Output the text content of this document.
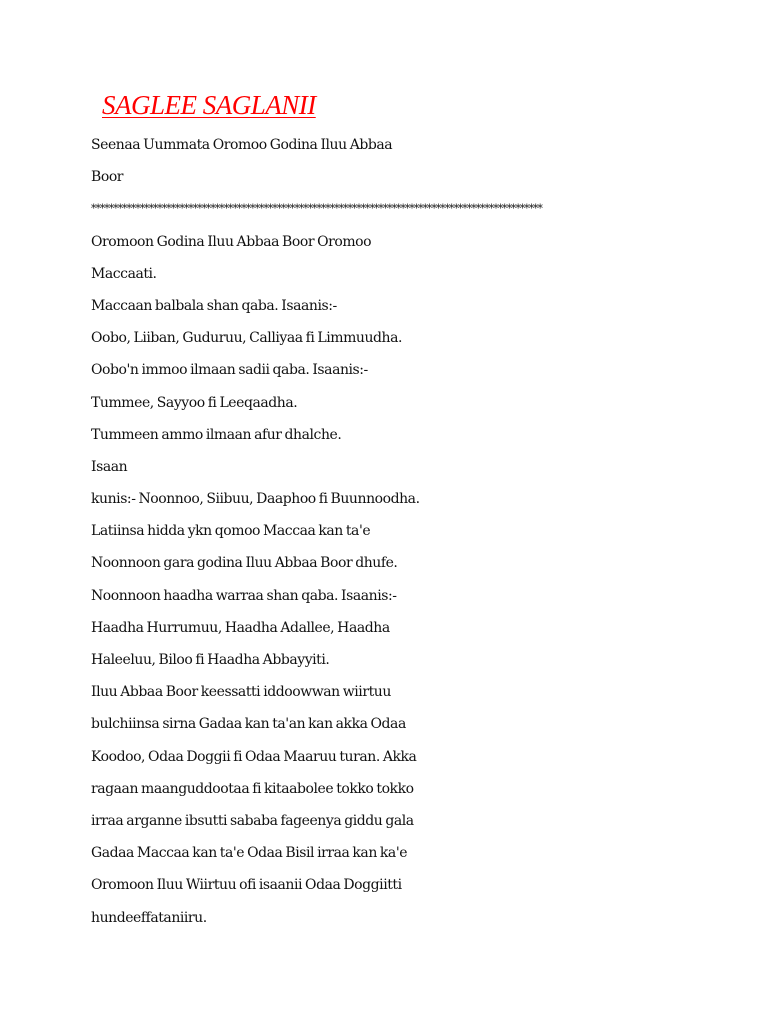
SAGLEE SAGLANII
Seenaa Uummata Oromoo Godina Iluu Abbaa
Boor
******************************************************************************************************
Oromoon Godina Iluu Abbaa Boor Oromoo
Maccaati.
Maccaan balbala shan qaba. Isaanis:-
Oobo, Liiban, Guduruu, Calliyaa fi Limmuudha.
Oobo'n immoo ilmaan sadii qaba. Isaanis:-
Tummee, Sayyoo fi Leeqaadha.
Tummeen ammo ilmaan afur dhalche.
Isaan
kunis:- Noonnoo, Siibuu, Daaphoo fi Buunnoodha.
Latiinsa hidda ykn qomoo Maccaa kan ta'e
Noonnoon gara godina Iluu Abbaa Boor dhufe.
Noonnoon haadha warraa shan qaba. Isaanis:-
Haadha Hurrumuu, Haadha Adallee, Haadha
Haleeluu, Biloo fi Haadha Abbayyiti.
Iluu Abbaa Boor keessatti iddoowwan wiirtuu
bulchiinsa sirna Gadaa kan ta'an kan akka Odaa
Koodoo, Odaa Doggii fi Odaa Maaruu turan. Akka
ragaan maanguddootaa fi kitaabolee tokko tokko
irraa arganne ibsutti sababa fageenya giddu gala
Gadaa Maccaa kan ta'e Odaa Bisil irraa kan ka'e
Oromoon Iluu Wiirtuu ofi isaanii Odaa Doggiitti
hundeeffataniiru.
